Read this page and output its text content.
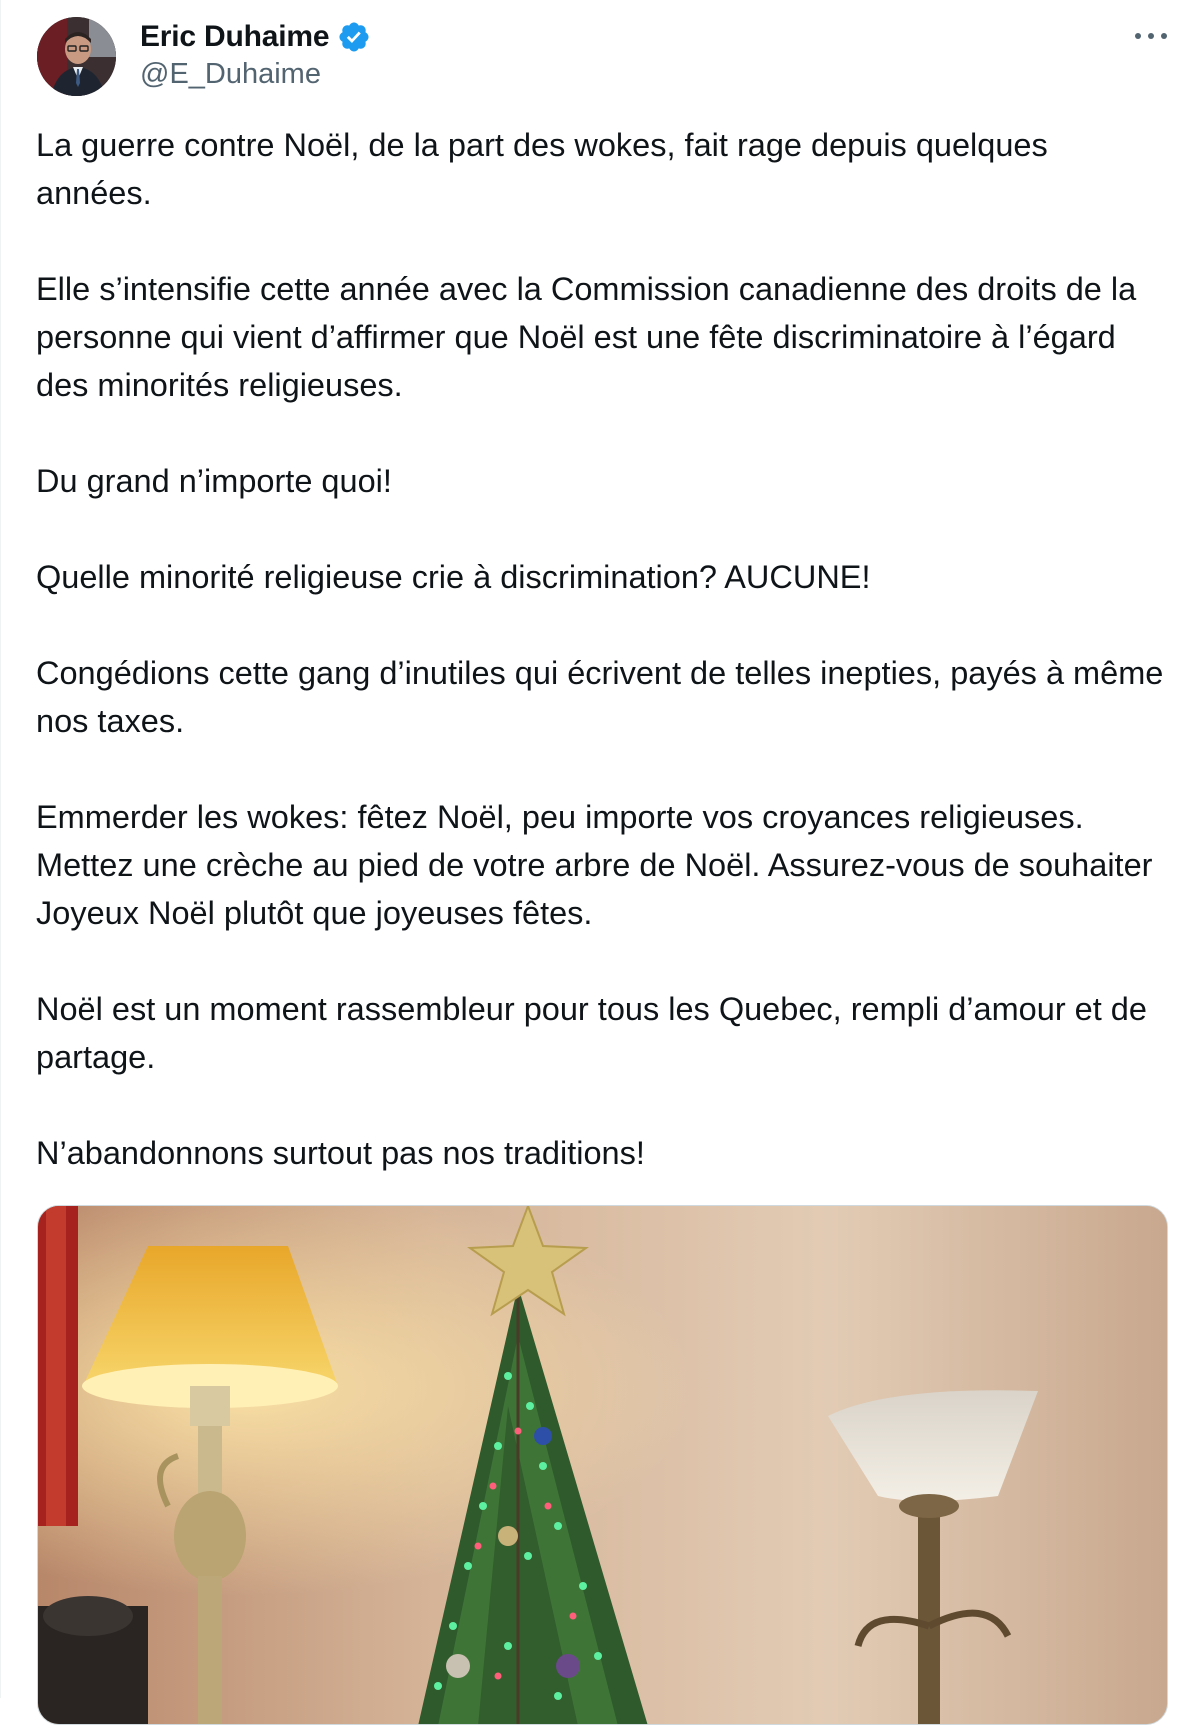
Eric Duhaime
@E_Duhaime

La guerre contre Noël, de la part des wokes, fait rage depuis quelques années.

Elle s’intensifie cette année avec la Commission canadienne des droits de la personne qui vient d’affirmer que Noël est une fête discriminatoire à l’égard des minorités religieuses.

Du grand n’importe quoi!

Quelle minorité religieuse crie à discrimination? AUCUNE!

Congédions cette gang d’inutiles qui écrivent de telles inepties, payés à même nos taxes.

Emmerder les wokes: fêtez Noël, peu importe vos croyances religieuses. Mettez une crèche au pied de votre arbre de Noël. Assurez-vous de souhaiter Joyeux Noël plutôt que joyeuses fêtes.

Noël est un moment rassembleur pour tous les Quebec, rempli d’amour et de partage.

N’abandonnons surtout pas nos traditions!
